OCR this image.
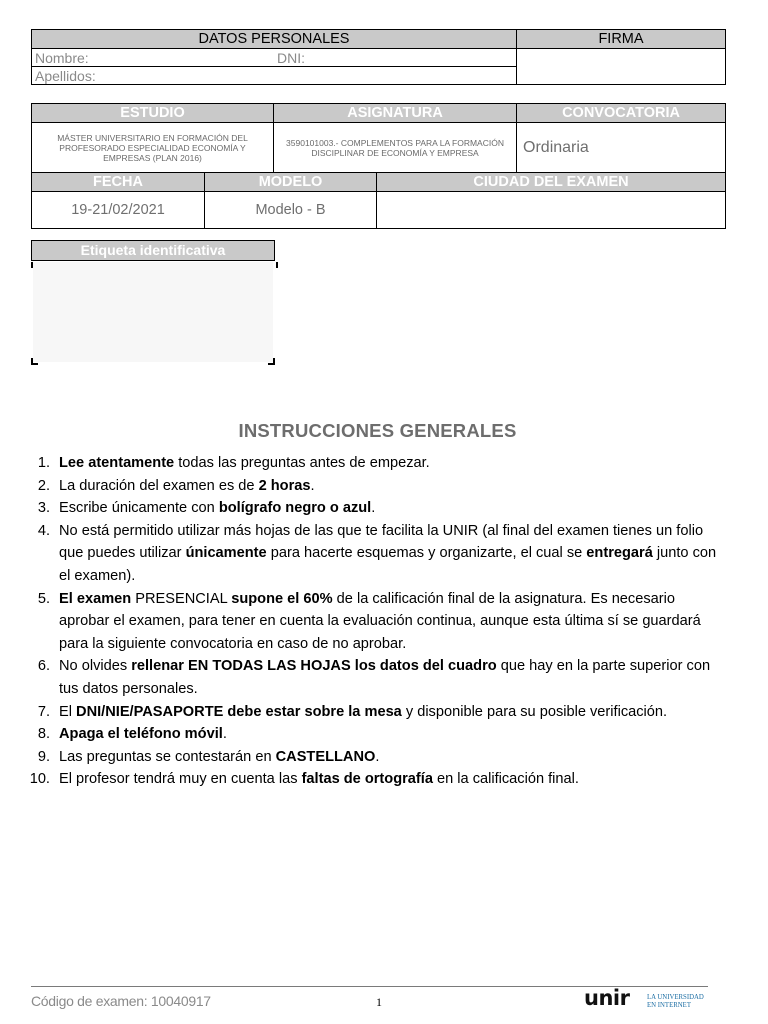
DATOS PERSONALES	FIRMA
Nombre: DNI:	

Apellidos:	
ESTUDIO		ASIGNATURA		CONVOCATORIA
MÁSTER UNIVERSITARIO EN FORMACIÓN DEL PROFESORADO ESPECIALIDAD ECONOMÍA Y EMPRESAS (PLAN 2016)		3590101003.- COMPLEMENTOS PARA LA FORMACIÓN DISCIPLINAR DE ECONOMÍA Y EMPRESA		Ordinaria
FECHA	MODELO		CIUDAD DEL EXAMEN	
19-21/02/2021	Modelo - B			
Etiqueta identificativa
INSTRUCCIONES GENERALES
1. Lee atentamente todas las preguntas antes de empezar.
2. La duración del examen es de 2 horas.
3. Escribe únicamente con bolígrafo negro o azul.
4. No está permitido utilizar más hojas de las que te facilita la UNIR (al final del examen tienes un folio que puedes utilizar únicamente para hacerte esquemas y organizarte, el cual se entregará junto con el examen).
5. El examen PRESENCIAL supone el 60% de la calificación final de la asignatura. Es necesario aprobar el examen, para tener en cuenta la evaluación continua, aunque esta última sí se guardará para la siguiente convocatoria en caso de no aprobar.
6. No olvides rellenar EN TODAS LAS HOJAS los datos del cuadro que hay en la parte superior con tus datos personales.
7. El DNI/NIE/PASAPORTE debe estar sobre la mesa y disponible para su posible verificación.
8. Apaga el teléfono móvil.
9. Las preguntas se contestarán en CASTELLANO.
10. El profesor tendrá muy en cuenta las faltas de ortografía en la calificación final.
Código de examen: 10040917	1	unir	LA UNIVERSIDAD
EN INTERNET
